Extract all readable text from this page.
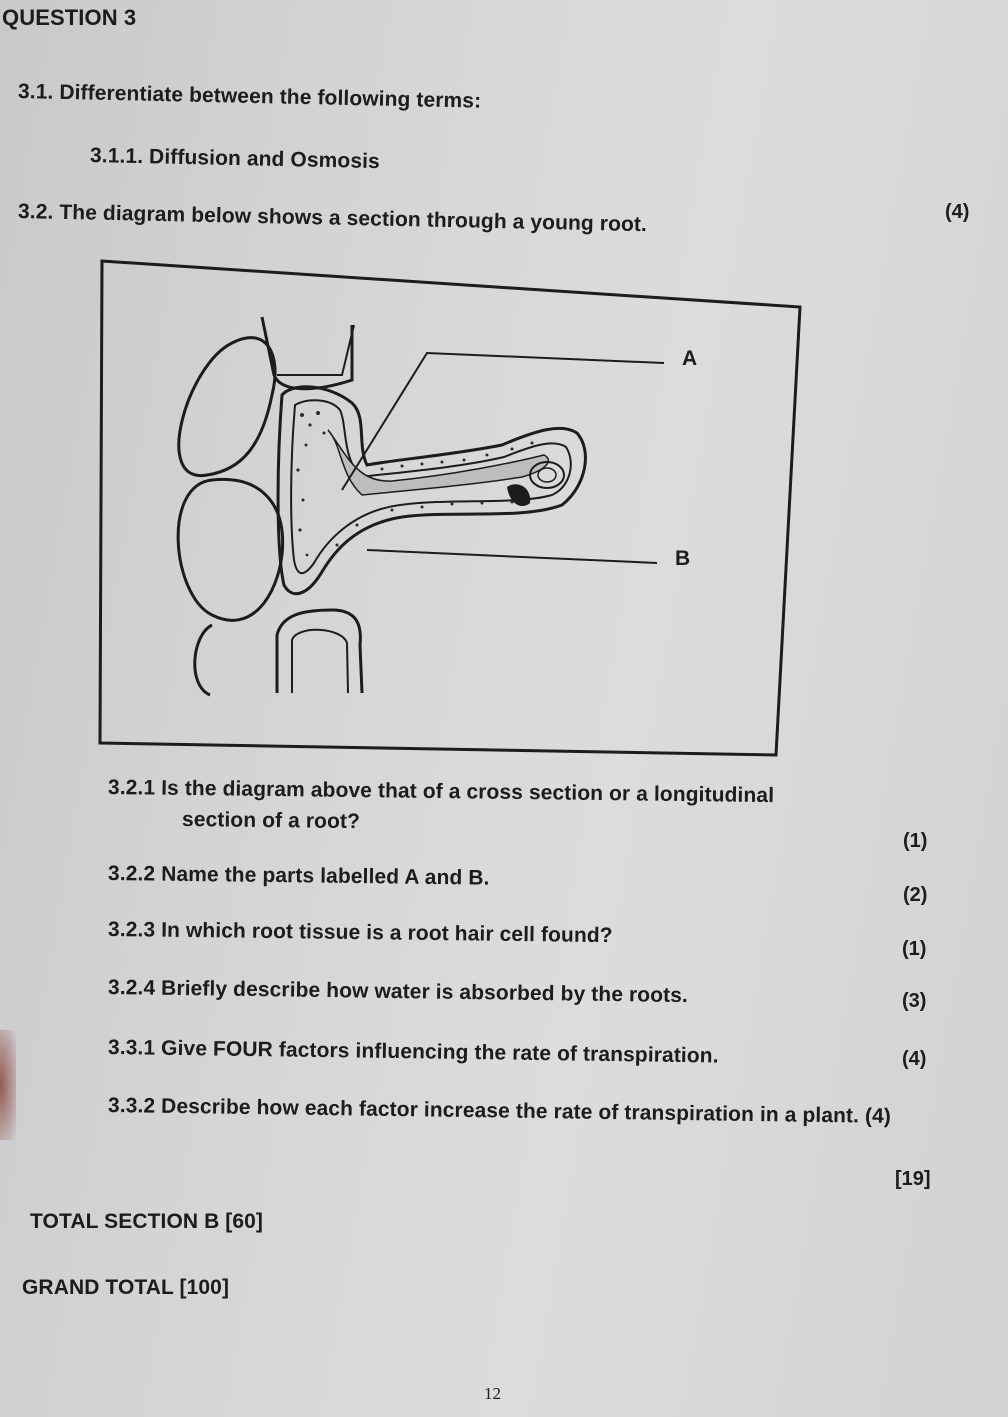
QUESTION 3
3.1. Differentiate between the following terms:
3.1.1. Diffusion and Osmosis
(4)
3.2. The diagram below shows a section through a young root.
A
B
3.2.1 Is the diagram above that of a cross section or a longitudinal
section of a root?
(1)
3.2.2 Name the parts labelled A and B.
(2)
3.2.3 In which root tissue is a root hair cell found?
(1)
3.2.4 Briefly describe how water is absorbed by the roots.	(3)
3.3.1 Give FOUR factors influencing the rate of transpiration.	(4)
3.3.2 Describe how each factor increase the rate of transpiration in a plant. (4)
[19]
TOTAL SECTION B [60]
GRAND TOTAL [100]
12
